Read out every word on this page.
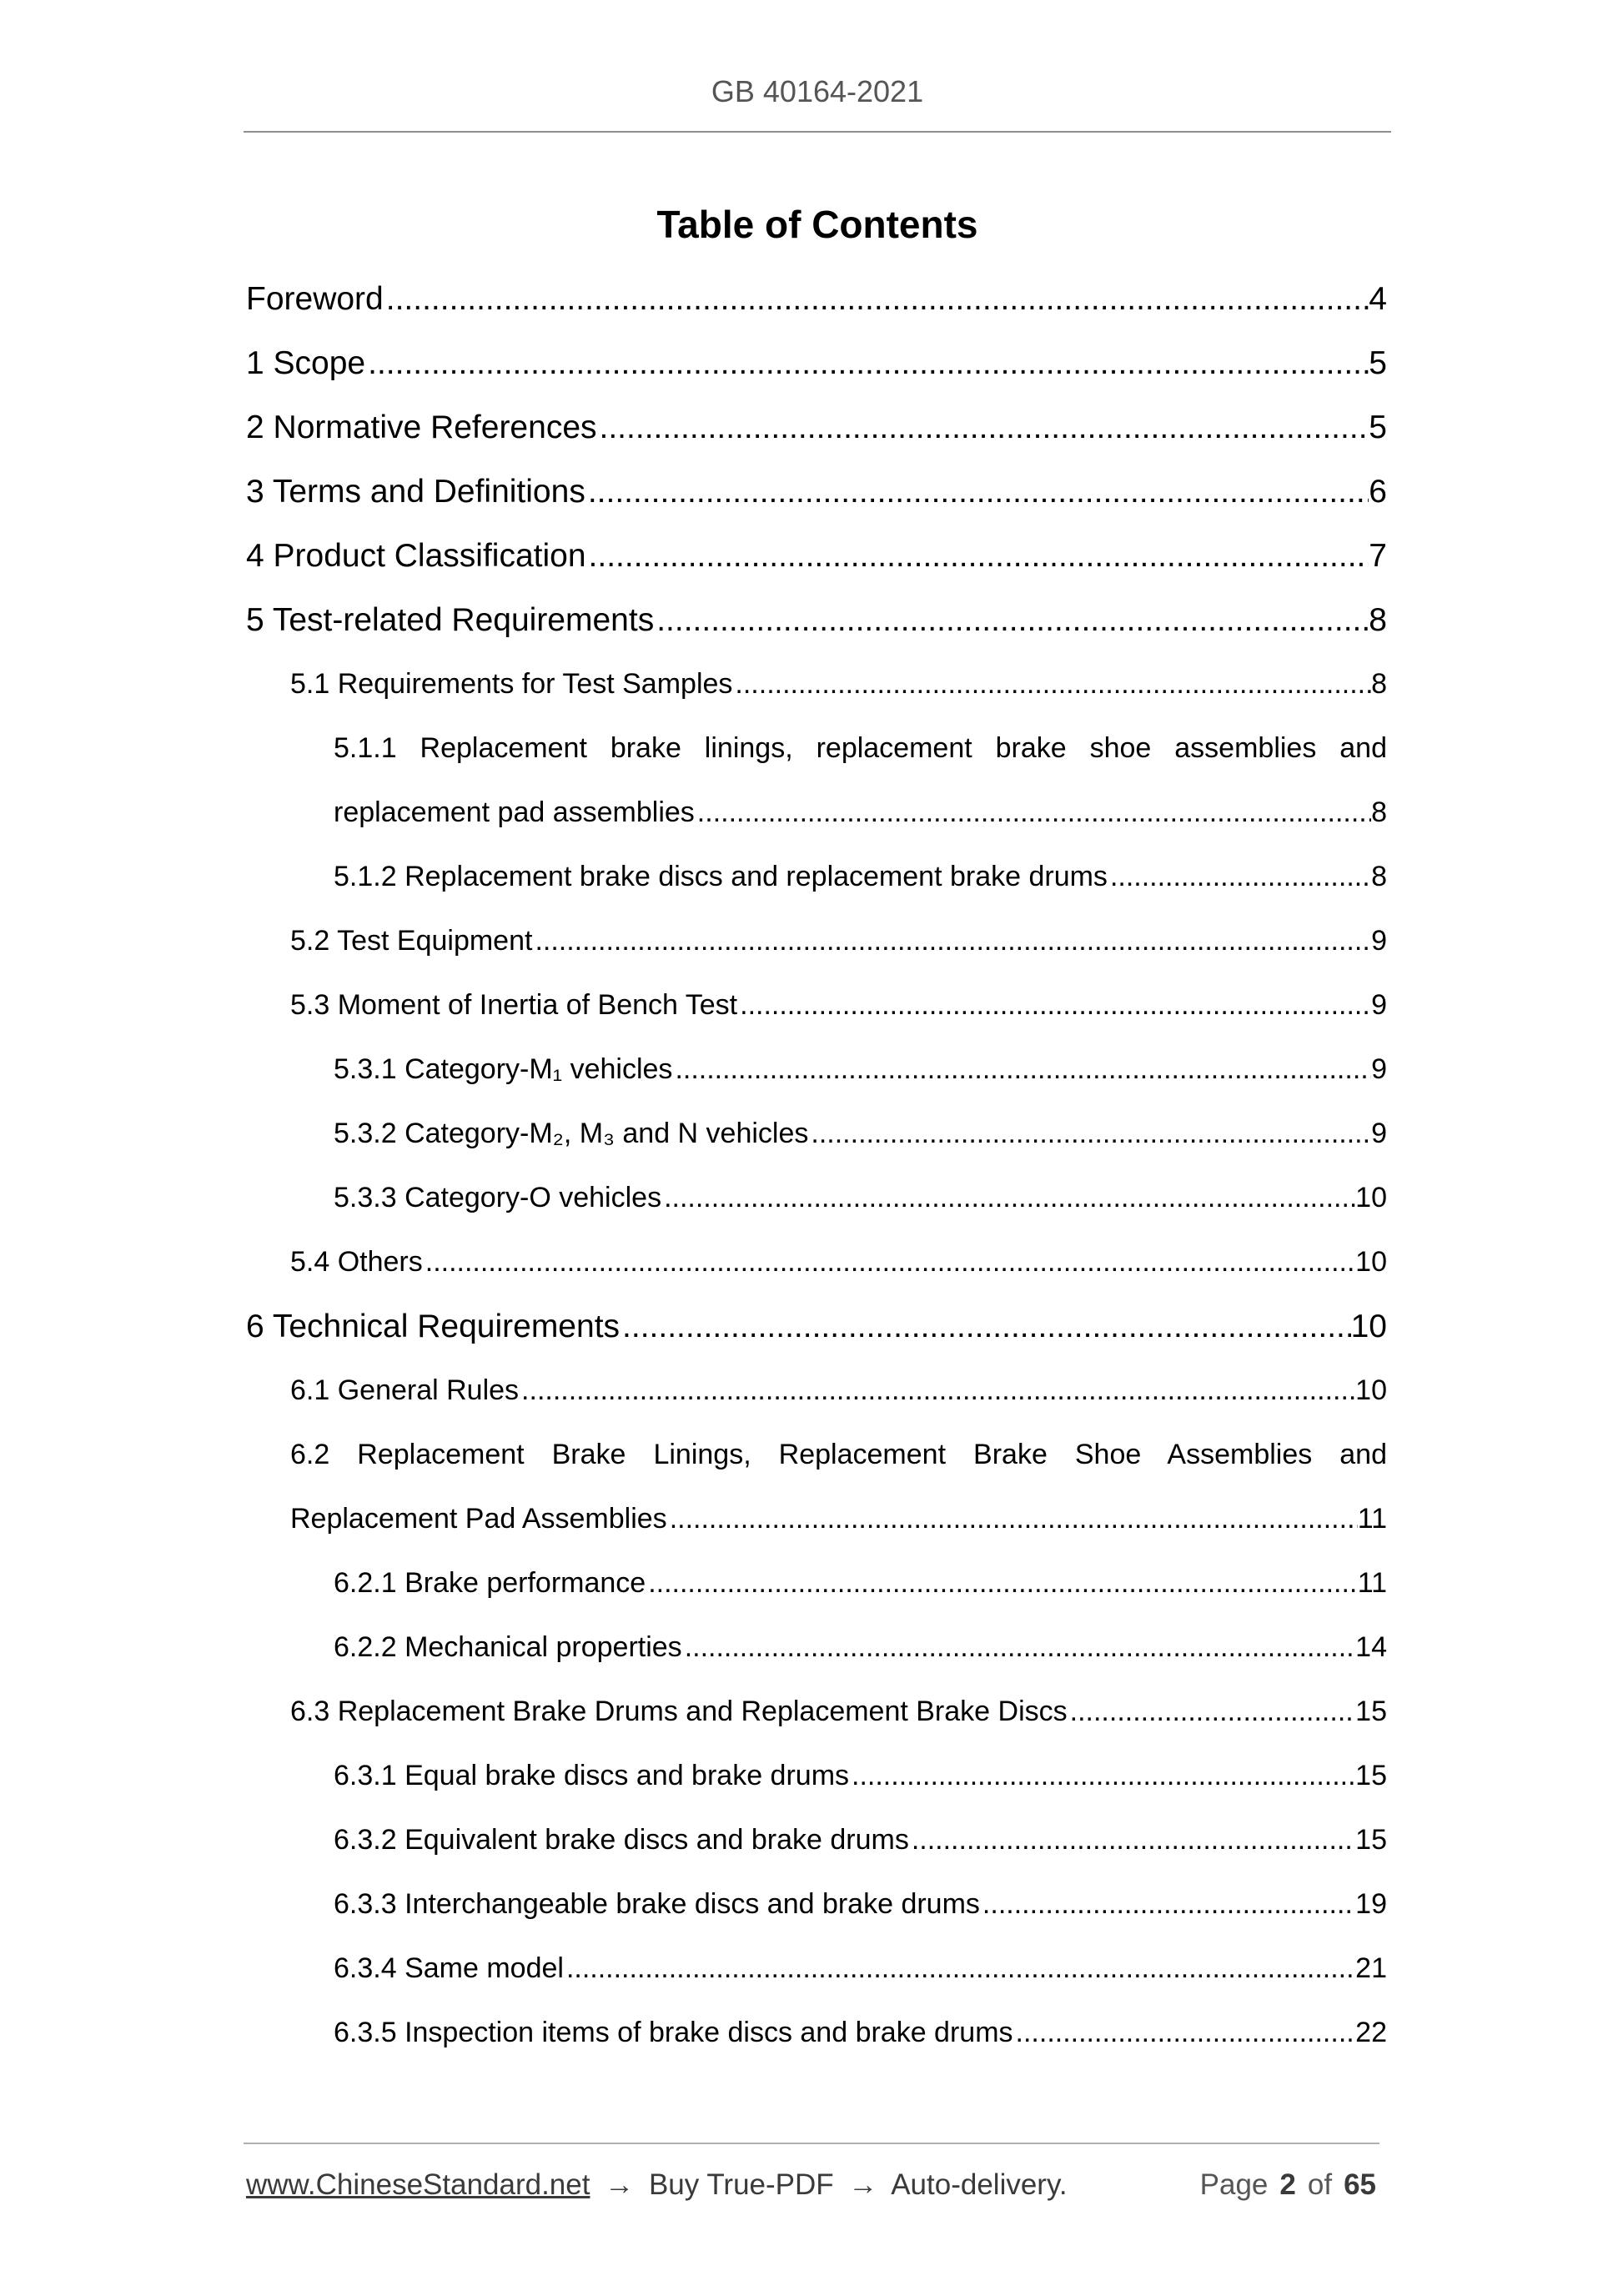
GB 40164-2021
Table of Contents
Foreword .....	4
1 Scope .....	5
2 Normative References .....	5
3 Terms and Definitions .....	6
4 Product Classification .....	7
5 Test-related Requirements .....	8
5.1 Requirements for Test Samples .....	8
5.1.1 Replacement brake linings, replacement brake shoe assemblies and
replacement pad assemblies .....	8
5.1.2 Replacement brake discs and replacement brake drums .....	8
5.2 Test Equipment .....	9
5.3 Moment of Inertia of Bench Test .....	9
5.3.1 Category-M₁ vehicles .....	9
5.3.2 Category-M₂, M₃ and N vehicles .....	9
5.3.3 Category-O vehicles .....	10
5.4 Others .....	10
6 Technical Requirements .....	10
6.1 General Rules .....	10
6.2 Replacement Brake Linings, Replacement Brake Shoe Assemblies and
Replacement Pad Assemblies .....	11
6.2.1 Brake performance .....	11
6.2.2 Mechanical properties .....	14
6.3 Replacement Brake Drums and Replacement Brake Discs .....	15
6.3.1 Equal brake discs and brake drums .....	15
6.3.2 Equivalent brake discs and brake drums .....	15
6.3.3 Interchangeable brake discs and brake drums .....	19
6.3.4 Same model .....	21
6.3.5 Inspection items of brake discs and brake drums .....	22
www.ChineseStandard.net → Buy True-PDF → Auto-delivery.	Page 2 of 65
